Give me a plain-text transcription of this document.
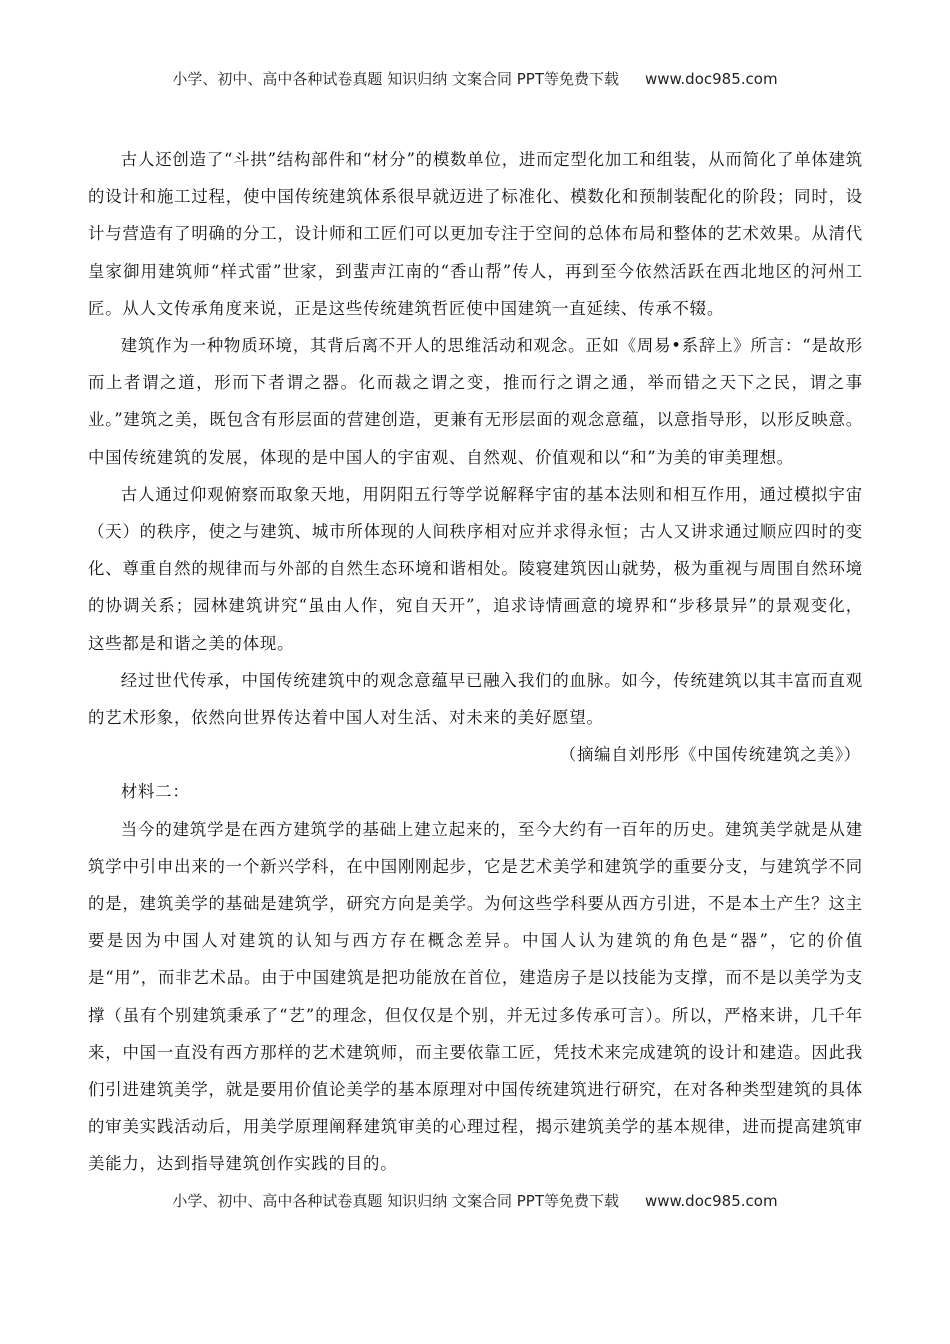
小学、初中、高中各种试卷真题 知识归纳 文案合同 PPT等免费下载 www.doc985.com

古人还创造了“斗拱”结构部件和“材分”的模数单位，进而定型化加工和组装，从而简化了单体建筑的设计和施工过程，使中国传统建筑体系很早就迈进了标准化、模数化和预制装配化的阶段；同时，设计与营造有了明确的分工，设计师和工匠们可以更加专注于空间的总体布局和整体的艺术效果。从清代皇家御用建筑师“样式雷”世家，到蜚声江南的“香山帮”传人，再到至今依然活跃在西北地区的河州工匠。从人文传承角度来说，正是这些传统建筑哲匠使中国建筑一直延续、传承不辍。

建筑作为一种物质环境，其背后离不开人的思维活动和观念。正如《周易•系辞上》所言：“是故形而上者谓之道，形而下者谓之器。化而裁之谓之变，推而行之谓之通，举而错之天下之民，谓之事业。”建筑之美，既包含有形层面的营建创造，更兼有无形层面的观念意蕴，以意指导形，以形反映意。中国传统建筑的发展，体现的是中国人的宇宙观、自然观、价值观和以“和”为美的审美理想。

古人通过仰观俯察而取象天地，用阴阳五行等学说解释宇宙的基本法则和相互作用，通过模拟宇宙（天）的秩序，使之与建筑、城市所体现的人间秩序相对应并求得永恒；古人又讲求通过顺应四时的变化、尊重自然的规律而与外部的自然生态环境和谐相处。陵寝建筑因山就势，极为重视与周围自然环境的协调关系；园林建筑讲究“虽由人作，宛自天开”，追求诗情画意的境界和“步移景异”的景观变化，这些都是和谐之美的体现。

经过世代传承，中国传统建筑中的观念意蕴早已融入我们的血脉。如今，传统建筑以其丰富而直观的艺术形象，依然向世界传达着中国人对生活、对未来的美好愿望。

（摘编自刘彤彤《中国传统建筑之美》）

材料二：

当今的建筑学是在西方建筑学的基础上建立起来的，至今大约有一百年的历史。建筑美学就是从建筑学中引申出来的一个新兴学科，在中国刚刚起步，它是艺术美学和建筑学的重要分支，与建筑学不同的是，建筑美学的基础是建筑学，研究方向是美学。为何这些学科要从西方引进，不是本土产生？这主要是因为中国人对建筑的认知与西方存在概念差异。中国人认为建筑的角色是“器”，它的价值是“用”，而非艺术品。由于中国建筑是把功能放在首位，建造房子是以技能为支撑，而不是以美学为支撑（虽有个别建筑秉承了“艺”的理念，但仅仅是个别，并无过多传承可言）。所以，严格来讲，几千年来，中国一直没有西方那样的艺术建筑师，而主要依靠工匠，凭技术来完成建筑的设计和建造。因此我们引进建筑美学，就是要用价值论美学的基本原理对中国传统建筑进行研究，在对各种类型建筑的具体的审美实践活动后，用美学原理阐释建筑审美的心理过程，揭示建筑美学的基本规律，进而提高建筑审美能力，达到指导建筑创作实践的目的。

小学、初中、高中各种试卷真题 知识归纳 文案合同 PPT等免费下载 www.doc985.com
